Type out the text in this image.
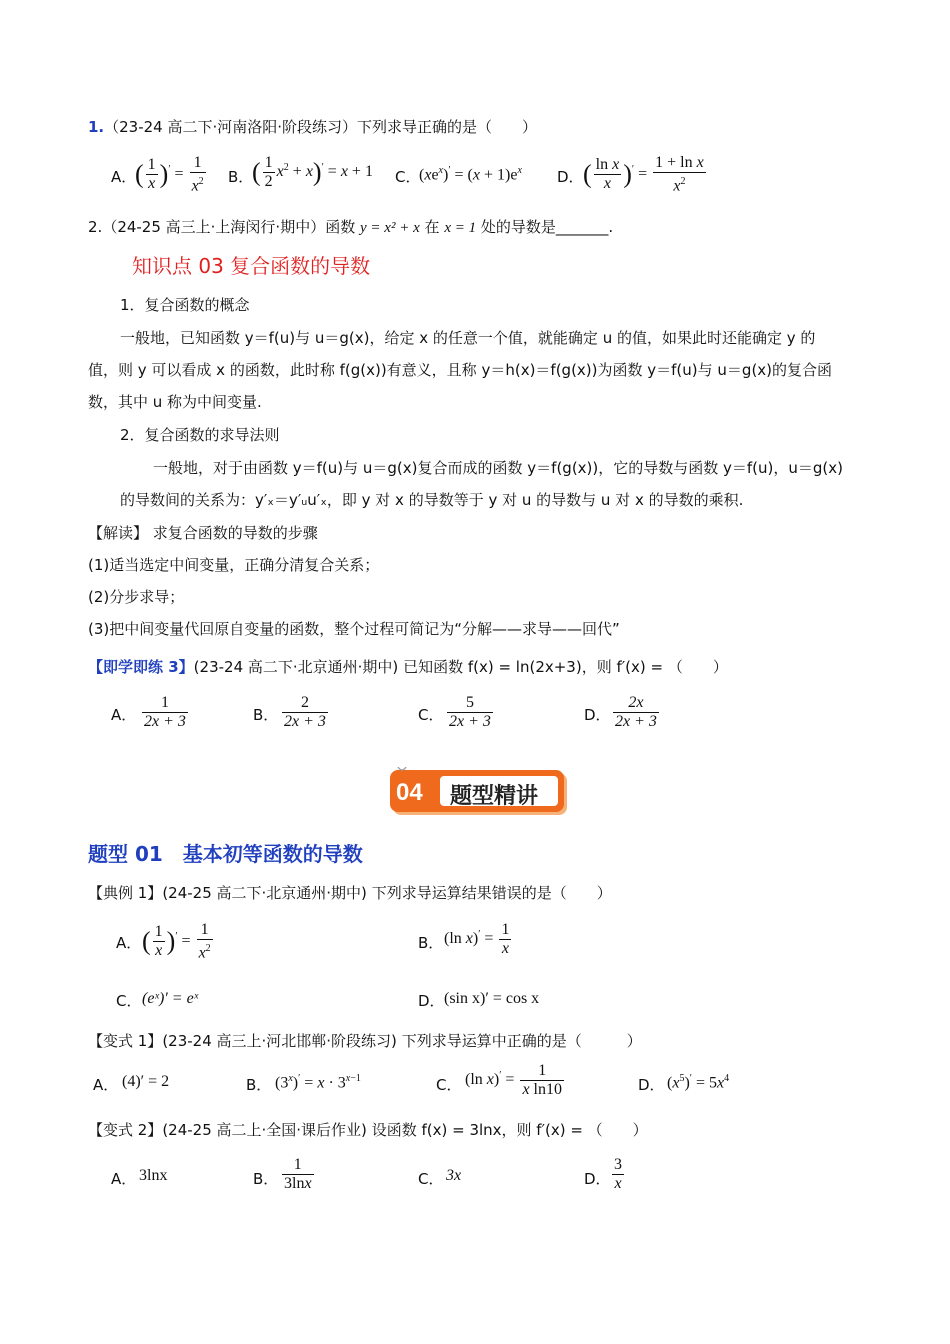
1.（23-24 高二下·河南洛阳·阶段练习）下列求导正确的是（　　）
A．
( $\frac{1}{x} )' = \frac{1}{x^2}$ B．
( $\frac{1}{2} x^2 + x)' = x + 1$ C．
$(xe^x)' = (x + 1)e^x$ D． ( $\frac{\text{ln x}}{x} )' = \frac{\text{1 + ln x}}{x^2}$
2.（24-25 高三上·上海闵行·期中）函数 y = x² + x 在 x = 1 处的导数是_______.
知识点 03 复合函数的导数
1．复合函数的概念
一般地，已知函数 y＝f(u)与 u＝g(x)，给定 x 的任意一个值，就能确定 u 的值，如果此时还能确定 y 的
值，则 y 可以看成 x 的函数，此时称 f(g(x))有意义，且称 y＝h(x)＝f(g(x))为函数 y＝f(u)与 u＝g(x)的复合函
数，其中 u 称为中间变量.
2．复合函数的求导法则
一般地，对于由函数 y＝f(u)与 u＝g(x)复合而成的函数 y＝f(g(x))，它的导数与函数 y＝f(u)，u＝g(x)
的导数间的关系为：y′ₓ＝y′ᵤu′ₓ，即 y 对 x 的导数等于 y 对 u 的导数与 u 对 x 的导数的乘积.
【解读】 求复合函数的导数的步骤
(1)适当选定中间变量，正确分清复合关系；
(2)分步求导；
(3)把中间变量代回原自变量的函数，整个过程可简记为“分解——求导——回代”
【即学即练 3】(23-24 高二下·北京通州·期中) 已知函数 f(x) = ln(2x+3)，则 f′(x) = （　　）
A． $\frac{1}{2x + 3}$	B． $\frac{2}{2x + 3}$	C． $\frac{5}{2x + 3}$	D． $\frac{2x}{2x + 3}$
04 题型精讲
题型 01　基本初等函数的导数
【典例 1】(24-25 高二下·北京通州·期中) 下列求导运算结果错误的是（　　）
A． ( $\frac{1}{x} )' = \frac{1}{x^2}$	B． (ln $x)' = \frac{1}{x}$
C． (eˣ)′ = eˣ	D． (sin x)′ = cos x
【变式 1】(23-24 高三上·河北邯郸·阶段练习) 下列求导运算中正确的是（　　　）
A． (4)′ = 2	B． $(3^x)' = x \cdot 3^{x-1}$	C． (ln $x)' = \frac{1}{\text{x ln10}}$	D． $(x^5)' = 5x^4$
【变式 2】(24-25 高二上·全国·课后作业) 设函数 f(x) = 3lnx，则 f′(x) = （　　）
A． 3lnx	B． $\frac{1}{3\ln x}$	C． 3x	D． $\frac{3}{x}$
